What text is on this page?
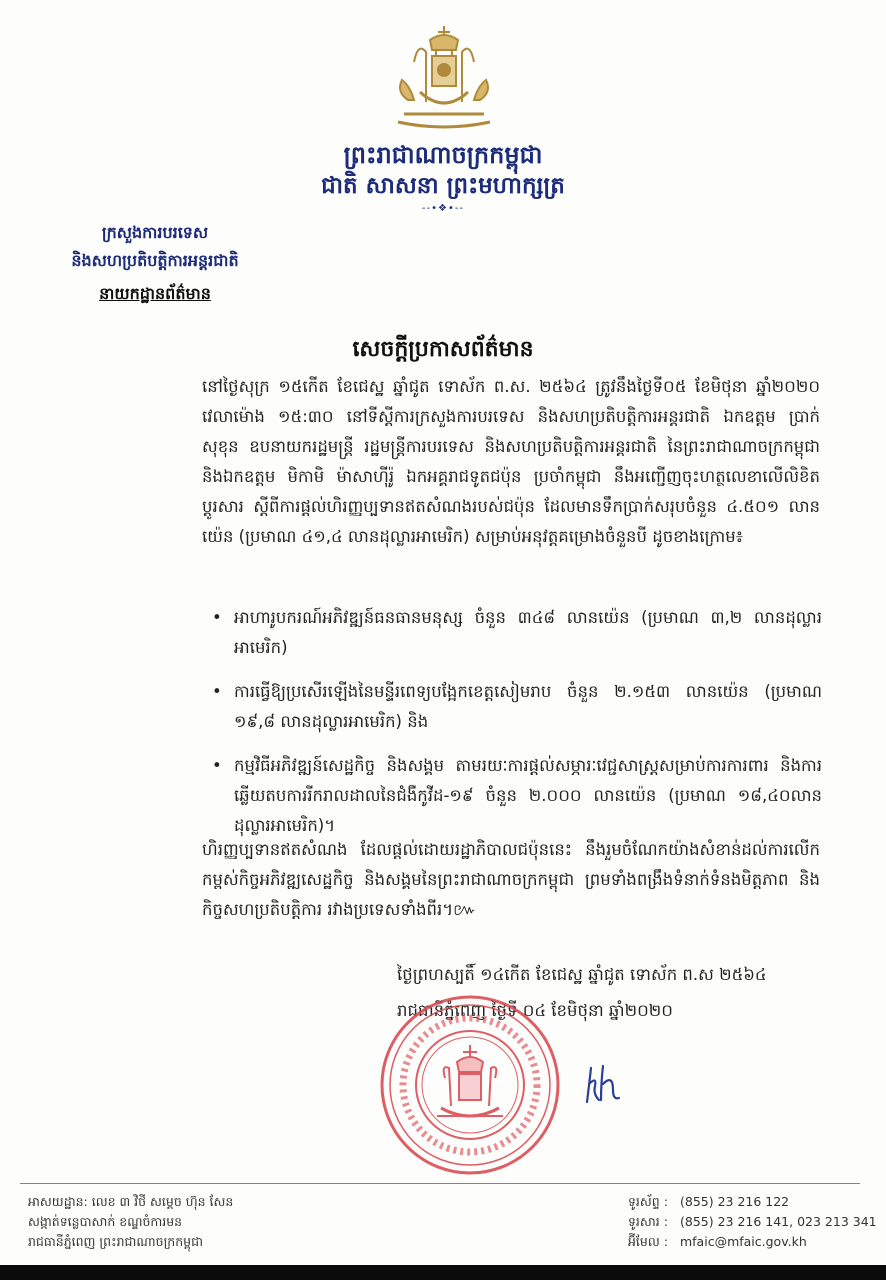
ព្រះរាជាណាចក្រកម្ពុជា
ជាតិ សាសនា ព្រះមហាក្សត្រ
--•❖•--
ក្រសួងការបរទេស
និងសហប្រតិបត្តិការអន្តរជាតិ
នាយកដ្ឋានព័ត៌មាន
សេចក្តីប្រកាសព័ត៌មាន
នៅថ្ងៃសុក្រ ១៥កើត ខែជេស្ឋ ឆ្នាំជូត ទោស័ក ព.ស. ២៥៦៤ ត្រូវនឹងថ្ងៃទី០៥ ខែមិថុនា ឆ្នាំ២០២០ វេលាម៉ោង ១៥:៣០ នៅទីស្តីការក្រសួងការបរទេស និងសហប្រតិបត្តិការអន្តរជាតិ ឯកឧត្តម ប្រាក់ សុខុន ឧបនាយករដ្ឋមន្ត្រី រដ្ឋមន្ត្រីការបរទេស និងសហប្រតិបត្តិការអន្តរជាតិ នៃព្រះរាជាណាចក្រកម្ពុជា និងឯកឧត្តម មិកាមិ ម៉ាសាហ៊ីរ៉ូ ឯកអគ្គរាជទូតជប៉ុន ប្រចាំកម្ពុជា នឹងអញ្ជើញចុះហត្ថលេខាលើលិខិតប្តូរសារ ស្តីពីការផ្តល់ហិរញ្ញប្បទានឥតសំណងរបស់ជប៉ុន ដែលមានទឹកប្រាក់សរុបចំនួន ៤.៥០១ លានយ៉េន (ប្រមាណ ៤១,៤ លានដុល្លារអាមេរិក) សម្រាប់អនុវត្តគម្រោងចំនួនបី ដូចខាងក្រោម៖
• អាហារូបករណ៍អភិវឌ្ឍន៍ធនធានមនុស្ស ចំនួន ៣៤៨ លានយ៉េន (ប្រមាណ ៣,២ លានដុល្លារអាមេរិក)
• ការធ្វើឱ្យប្រសើរឡើងនៃមន្ទីរពេទ្យបង្អែកខេត្តសៀមរាប ចំនួន ២.១៥៣ លានយ៉េន (ប្រមាណ ១៩,៨ លានដុល្លារអាមេរិក) និង
• កម្មវិធីអភិវឌ្ឍន៍សេដ្ឋកិច្ច និងសង្គម តាមរយៈការផ្តល់សម្ភារៈវេជ្ជសាស្ត្រសម្រាប់ការការពារ និងការឆ្លើយតបការរីករាលដាលនៃជំងឺកូវីដ-១៩ ចំនួន ២.០០០ លានយ៉េន (ប្រមាណ ១៨,៤០លានដុល្លារអាមេរិក)។
ហិរញ្ញប្បទានឥតសំណង ដែលផ្តល់ដោយរដ្ឋាភិបាលជប៉ុននេះ នឹងរួមចំណែកយ៉ាងសំខាន់ដល់ការលើកកម្ពស់កិច្ចអភិវឌ្ឍសេដ្ឋកិច្ច និងសង្គមនៃព្រះរាជាណាចក្រកម្ពុជា ព្រមទាំងពង្រឹងទំនាក់ទំនងមិត្តភាព និងកិច្ចសហប្រតិបត្តិការ រវាងប្រទេសទាំងពីរ។៚
ថ្ងៃព្រហស្បតិ៍ ១៤កើត ខែជេស្ឋ ឆ្នាំជូត ទោស័ក ព.ស ២៥៦៤
រាជធានីភ្នំពេញ ថ្ងៃទី ០៤ ខែមិថុនា ឆ្នាំ២០២០
អាសយដ្ឋាន: លេខ ៣ វិថី សម្តេច ហ៊ុន សែន
សង្កាត់ទន្លេបាសាក់ ខណ្ឌចំការមន
រាជធានីភ្នំពេញ ព្រះរាជាណាចក្រកម្ពុជា
ទូរស័ព្ទ : (855) 23 216 122
ទូរសារ : (855) 23 216 141, 023 213 341
អ៊ីមែល : mfaic@mfaic.gov.kh
